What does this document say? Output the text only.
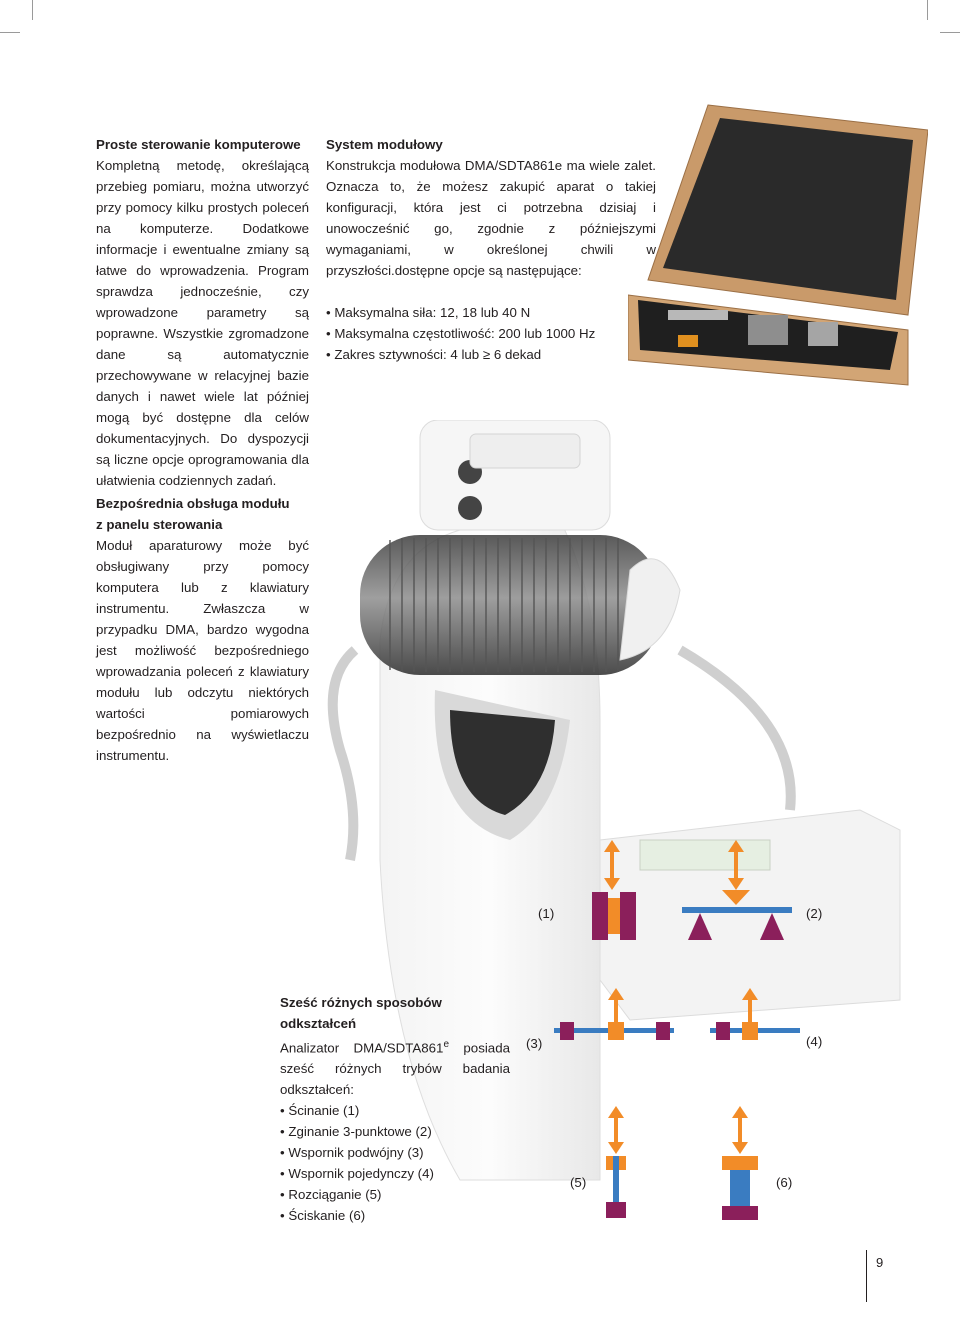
(1)	(2)
(3)	(4)
(5)	(6)
Proste sterowanie komputerowe

Kompletną metodę, określającą przebieg pomiaru, można utworzyć przy pomocy kilku prostych poleceń na komputerze. Dodatkowe informacje i ewentualne zmiany są łatwe do wprowadzenia. Program sprawdza jednocześnie, czy wprowadzone parametry są poprawne. Wszystkie zgromadzone dane są automatycznie przechowywane w relacyjnej bazie danych i nawet wiele lat później mogą być dostępne dla celów dokumentacyjnych. Do dyspozycji są liczne opcje oprogramowania dla ułatwienia codziennych zadań.

System modułowy

Konstrukcja modułowa DMA/SDTA861e ma wiele zalet. Oznacza to, że możesz zakupić aparat o takiej konfiguracji, która jest ci potrzebna dzisiaj i unowocześnić go, zgodnie z późniejszymi wymaganiami, w określonej chwili w przyszłości.dostępne opcje są następujące:

• Maksymalna siła: 12, 18 lub 40 N
• Maksymalna częstotliwość: 200 lub 1000 Hz
• Zakres sztywności: 4 lub ≥ 6 dekad
Bezpośrednia obsługa modułu
z panelu sterowania

Moduł aparaturowy może być obsługiwany przy pomocy komputera lub z klawiatury instrumentu. Zwłaszcza w przypadku DMA, bardzo wygodna jest możliwość bezpośredniego wprowadzania poleceń z klawiatury modułu lub odczytu niektórych wartości pomiarowych bezpośrednio na wyświetlaczu instrumentu.

Sześć różnych sposobów
odkształceń

Analizator DMA/SDTA861e posiada sześć różnych trybów badania odkształceń:

• Ścinanie (1)
• Zginanie 3-punktowe (2)
• Wspornik podwójny (3)
• Wspornik pojedynczy (4)
• Rozciąganie (5)
• Ściskanie (6)
9
